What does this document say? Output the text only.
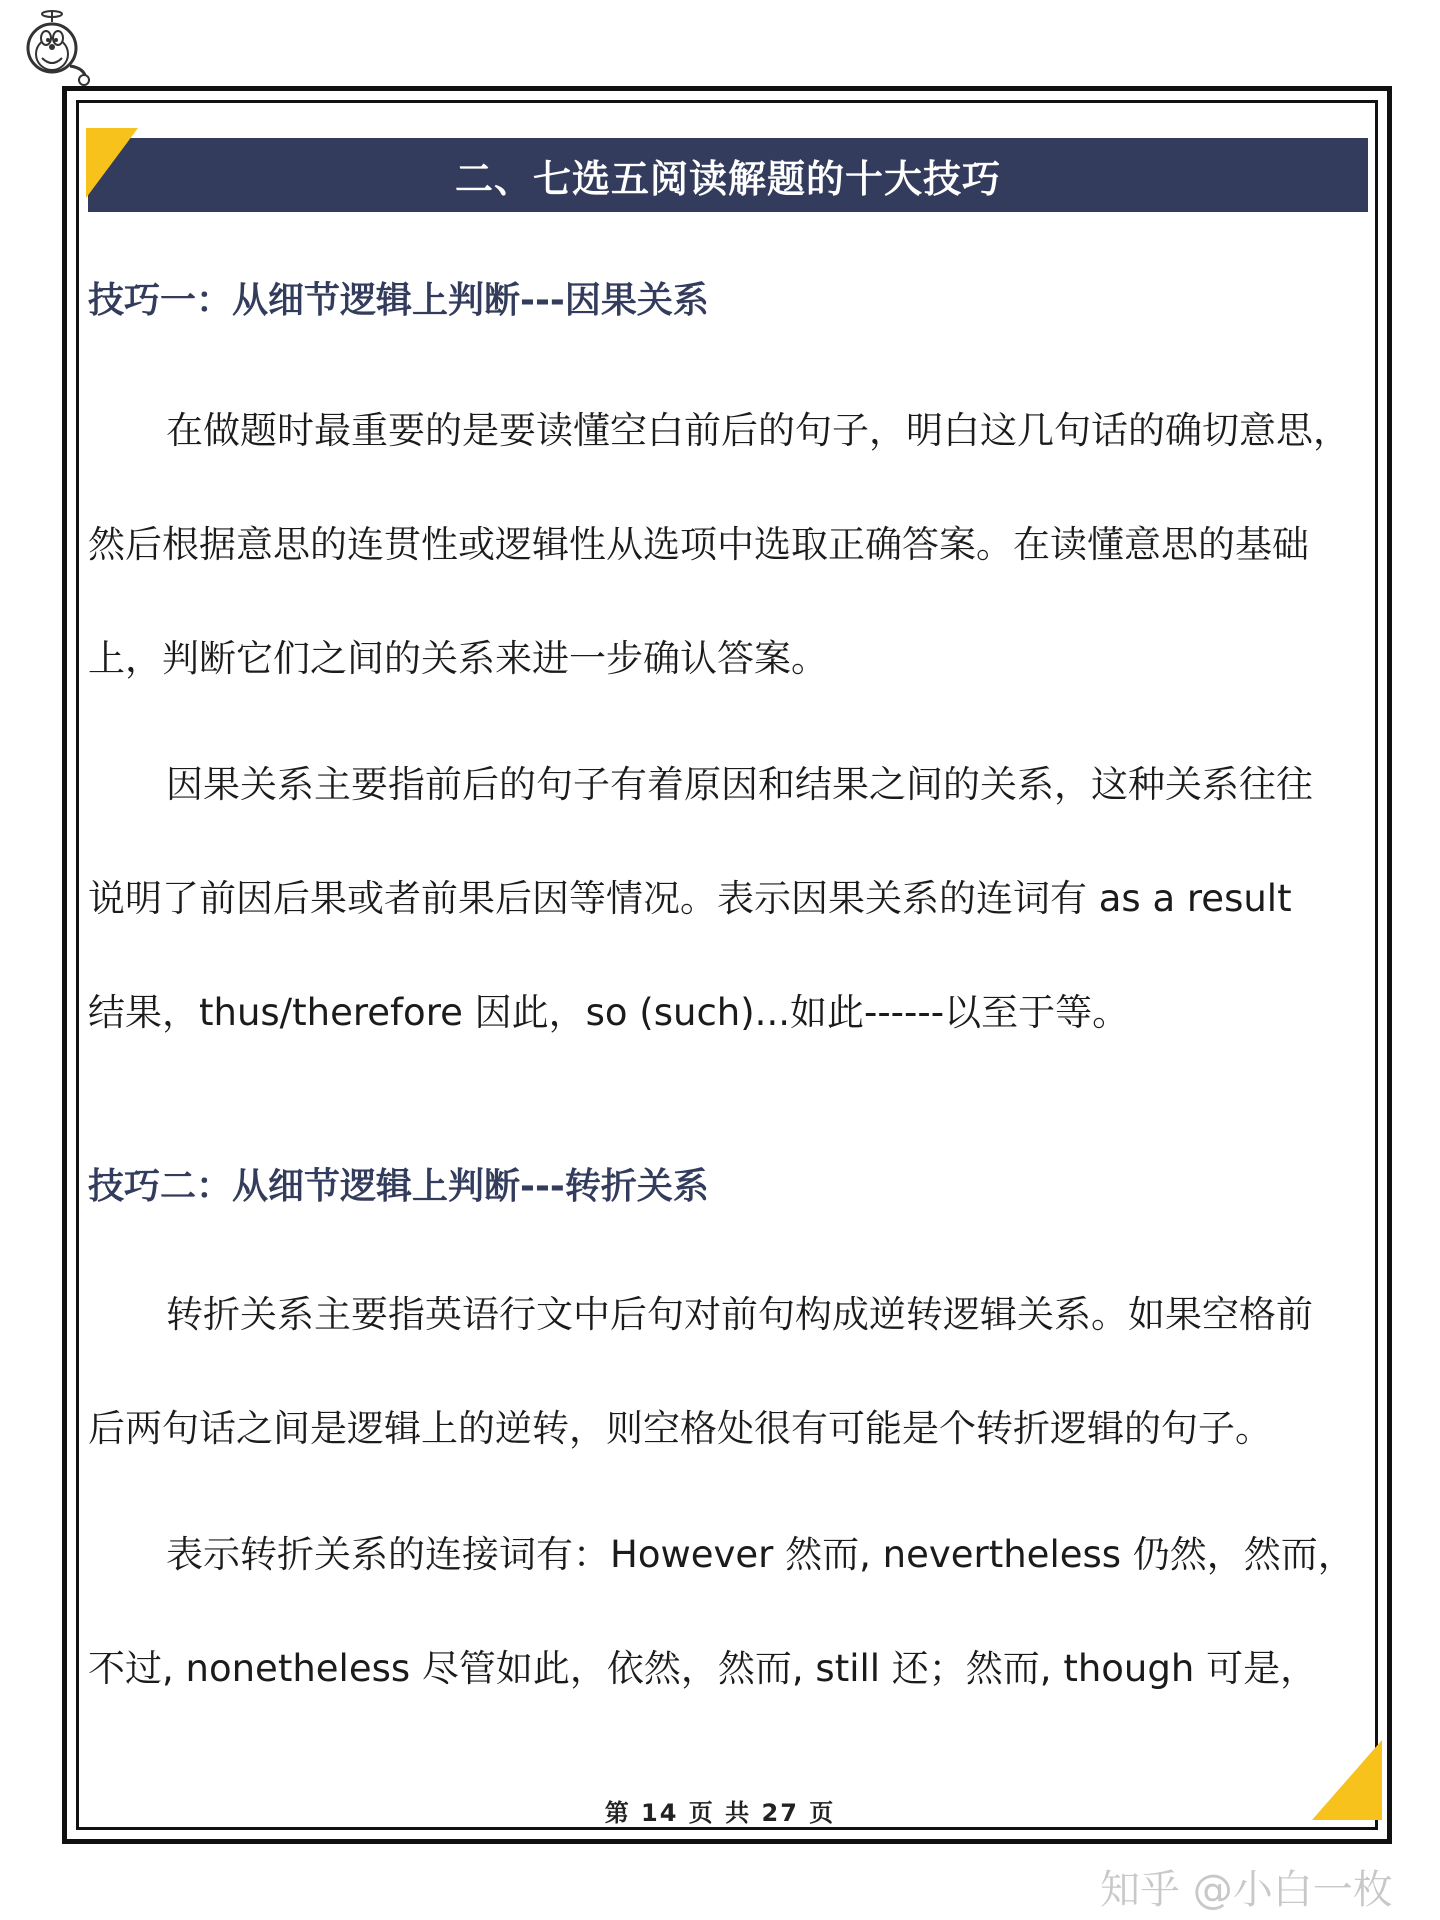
二、七选五阅读解题的十大技巧
技巧一：从细节逻辑上判断---因果关系
在做题时最重要的是要读懂空白前后的句子，明白这几句话的确切意思，
然后根据意思的连贯性或逻辑性从选项中选取正确答案。在读懂意思的基础
上，判断它们之间的关系来进一步确认答案。
因果关系主要指前后的句子有着原因和结果之间的关系，这种关系往往
说明了前因后果或者前果后因等情况。表示因果关系的连词有 as a result
结果，thus/therefore 因此，so (such)...如此------以至于等。
技巧二：从细节逻辑上判断---转折关系
转折关系主要指英语行文中后句对前句构成逆转逻辑关系。如果空格前
后两句话之间是逻辑上的逆转，则空格处很有可能是个转折逻辑的句子。
表示转折关系的连接词有：However 然而, nevertheless 仍然，然而，
不过, nonetheless 尽管如此，依然，然而, still 还；然而, though 可是，
第 14 页 共 27 页
知乎 @小白一枚
